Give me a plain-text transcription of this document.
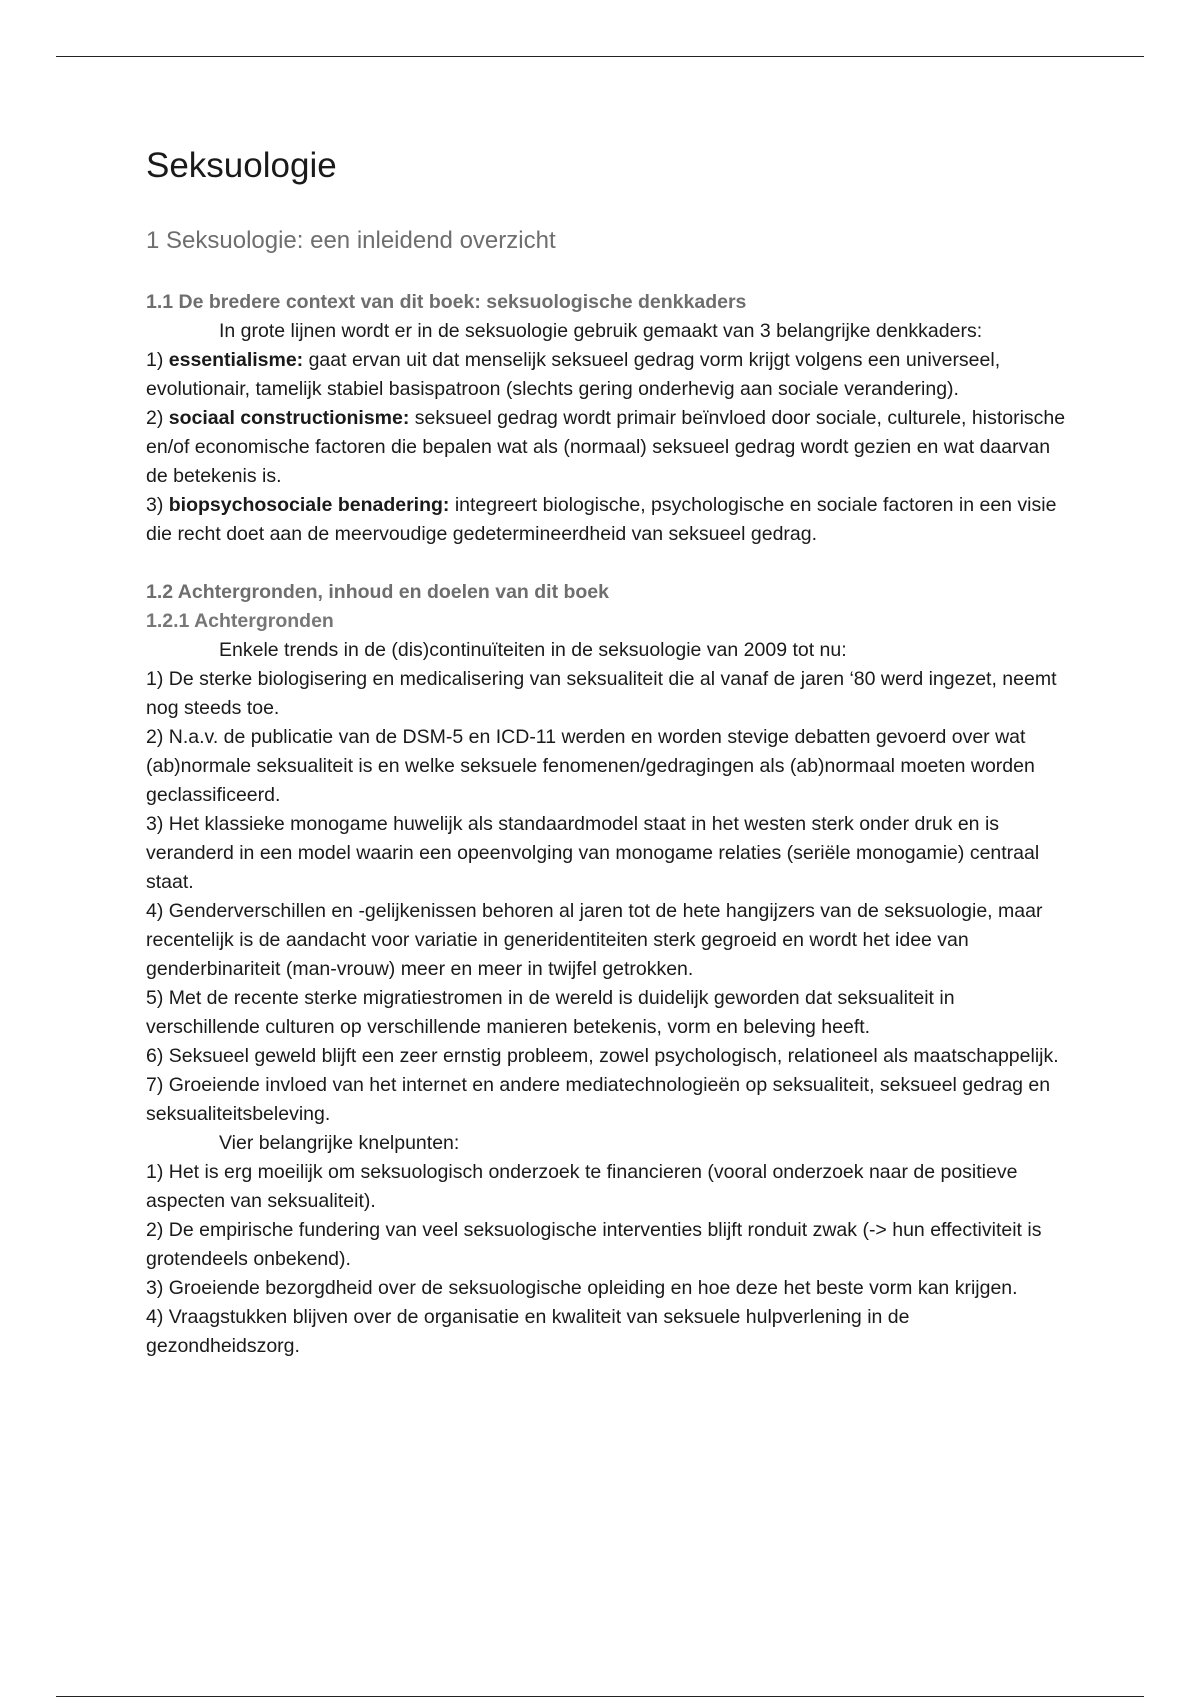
Seksuologie
1 Seksuologie: een inleidend overzicht
1.1 De bredere context van dit boek: seksuologische denkkaders

In grote lijnen wordt er in de seksuologie gebruik gemaakt van 3 belangrijke denkkaders:

1) essentialisme: gaat ervan uit dat menselijk seksueel gedrag vorm krijgt volgens een universeel, evolutionair, tamelijk stabiel basispatroon (slechts gering onderhevig aan sociale verandering).

2) sociaal constructionisme: seksueel gedrag wordt primair beïnvloed door sociale, culturele, historische en/of economische factoren die bepalen wat als (normaal) seksueel gedrag wordt gezien en wat daarvan de betekenis is.

3) biopsychosociale benadering: integreert biologische, psychologische en sociale factoren in een visie die recht doet aan de meervoudige gedetermineerdheid van seksueel gedrag.

1.2 Achtergronden, inhoud en doelen van dit boek
1.2.1 Achtergronden

Enkele trends in de (dis)continuïteiten in de seksuologie van 2009 tot nu:

1) De sterke biologisering en medicalisering van seksualiteit die al vanaf de jaren ‘80 werd ingezet, neemt nog steeds toe.

2) N.a.v. de publicatie van de DSM-5 en ICD-11 werden en worden stevige debatten gevoerd over wat (ab)normale seksualiteit is en welke seksuele fenomenen/gedragingen als (ab)normaal moeten worden geclassificeerd.

3) Het klassieke monogame huwelijk als standaardmodel staat in het westen sterk onder druk en is veranderd in een model waarin een opeenvolging van monogame relaties (seriële monogamie) centraal staat.

4) Genderverschillen en -gelijkenissen behoren al jaren tot de hete hangijzers van de seksuologie, maar recentelijk is de aandacht voor variatie in generidentiteiten sterk gegroeid en wordt het idee van genderbinariteit (man-vrouw) meer en meer in twijfel getrokken.

5) Met de recente sterke migratiestromen in de wereld is duidelijk geworden dat seksualiteit in verschillende culturen op verschillende manieren betekenis, vorm en beleving heeft.

6) Seksueel geweld blijft een zeer ernstig probleem, zowel psychologisch, relationeel als maatschappelijk.

7) Groeiende invloed van het internet en andere mediatechnologieën op seksualiteit, seksueel gedrag en seksualiteitsbeleving.

Vier belangrijke knelpunten:

1) Het is erg moeilijk om seksuologisch onderzoek te financieren (vooral onderzoek naar de positieve aspecten van seksualiteit).

2) De empirische fundering van veel seksuologische interventies blijft ronduit zwak (-> hun effectiviteit is grotendeels onbekend).

3) Groeiende bezorgdheid over de seksuologische opleiding en hoe deze het beste vorm kan krijgen.

4) Vraagstukken blijven over de organisatie en kwaliteit van seksuele hulpverlening in de gezondheidszorg.
